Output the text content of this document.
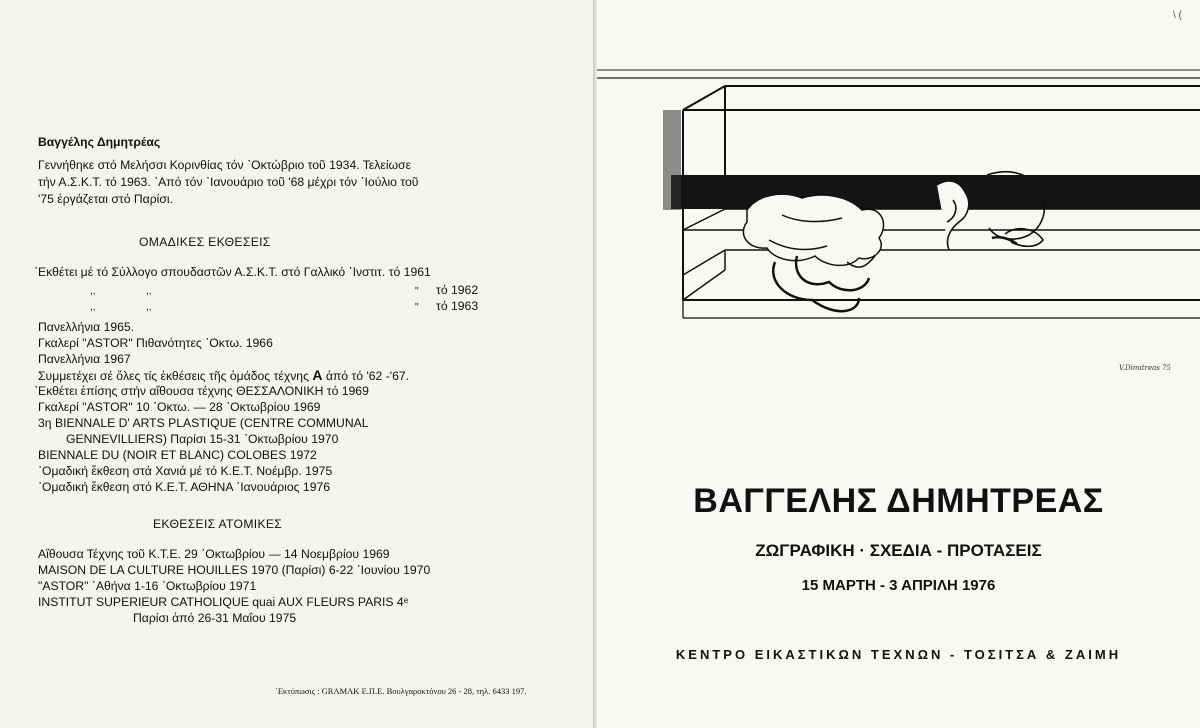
Βαγγέλης Δημητρέας
Γεννήθηκε στό Μελήσσι Κορινθίας τόν ᾽Οκτώβριο τοῦ 1934. Τελείωσε
τήν Α.Σ.Κ.Τ. τό 1963. ᾽Από τόν ᾽Ιανουάριο τοῦ '68 μέχρι τόν ᾽Ιούλιο τοῦ
'75 ἐργάζεται στό Παρίσι.
ΟΜΑΔΙΚΕΣ ΕΚΘΕΣΕΙΣ
᾽Εκθέτει μέ τό Σύλλογο σπουδαστῶν Α.Σ.Κ.Τ. στό Γαλλικό ᾽Ινστιτ. τό 1961
,,	,,	" τό 1962
,,	,,	" τό 1963
Πανελλήνια 1965.
Γκαλερί "ASTOR" Πιθανότητες ᾽Οκτω. 1966
Πανελλήνια 1967
Συμμετέχει σέ ὅλες τίς ἐκθέσεις τῆς ὁμάδος τέχνης Α ἀπό τό '62 -'67.
᾽Εκθέτει ἐπίσης στήν αἴθουσα τέχνης ΘΕΣΣΑΛΟΝΙΚΗ τό 1969
Γκαλερί "ASTOR" 10 ᾽Οκτω. — 28 ᾽Οκτωβρίου 1969
3η BIENNALE D' ARTS PLASTIQUE (CENTRE COMMUNAL
GENNEVILLIERS) Παρίσι 15-31 ᾽Οκτωβρίου 1970
BIENNALE DU (NOIR ET BLANC) COLOBES 1972
᾽Ομαδική ἔκθεση στά Χανιά μέ τό Κ.Ε.Τ. Νοέμβρ. 1975
᾽Ομαδική ἔκθεση στό Κ.Ε.Τ. ΑΘΗΝΑ ᾽Ιανουάριος 1976
ΕΚΘΕΣΕΙΣ ΑΤΟΜΙΚΕΣ
Αἴθουσα Τέχνης τοῦ Κ.Τ.Ε. 29 ᾽Οκτωβρίου — 14 Νοεμβρίου 1969
MAISON DE LA CULTURE HOUILLES 1970 (Παρίσι) 6-22 ᾽Ιουνίου 1970
"ASTOR" ᾽Αθήνα 1-16 ᾽Οκτωβρίου 1971
INSTITUT SUPERIEUR CATHOLIQUE quai AUX FLEURS PARIS 4ᵉ
Παρίσι ἀπό 26-31 Μαΐου 1975
᾽Εκτύπωσις : GRAMAK Ε.Π.Ε. Βουλγαροκτόνου 26 - 28, τηλ. 6433 197.
\ (
V.Dimitreas 75
ΒΑΓΓΕΛΗΣ ΔΗΜΗΤΡΕΑΣ
ΖΩΓΡΑΦΙΚΗ · ΣΧΕΔΙΑ - ΠΡΟΤΑΣΕΙΣ
15 ΜΑΡΤΗ - 3 ΑΠΡΙΛΗ 1976
ΚΕΝΤΡΟ ΕΙΚΑΣΤΙΚΩΝ ΤΕΧΝΩΝ - ΤΟΣΙΤΣΑ & ΖΑΙΜΗ
